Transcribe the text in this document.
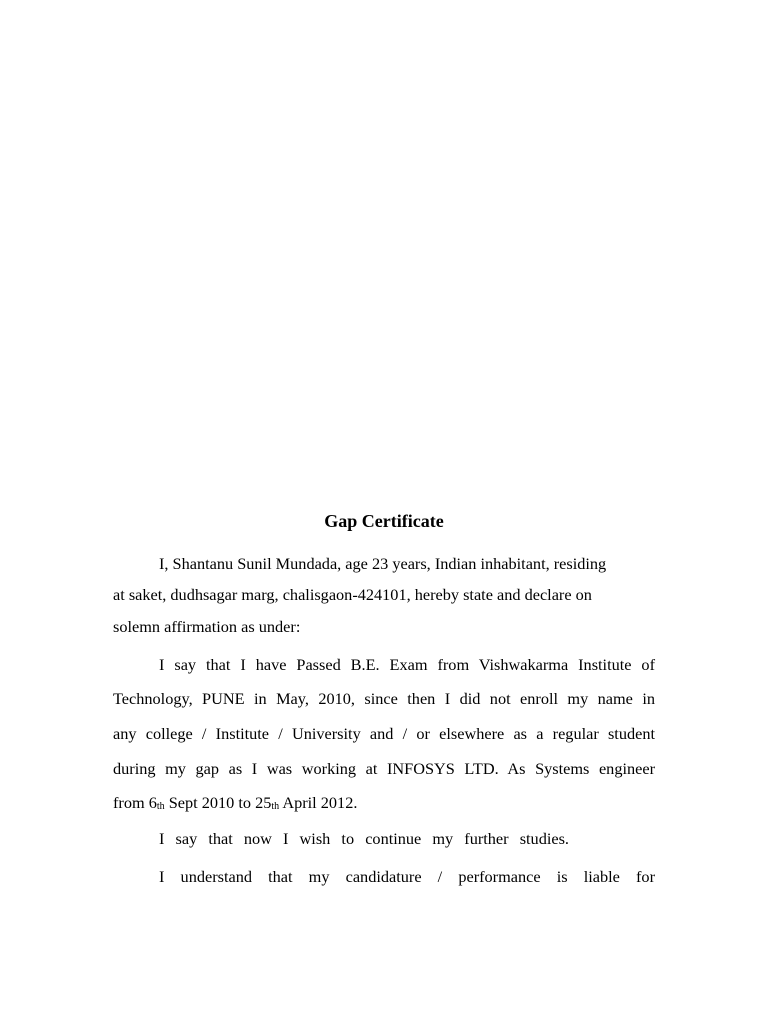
Gap Certificate

I, Shantanu Sunil Mundada, age 23 years, Indian inhabitant, residing

at saket, dudhsagar marg, chalisgaon-424101, hereby state and declare on

solemn affirmation as under:

I say that I have Passed B.E. Exam from Vishwakarma Institute of

Technology, PUNE in May, 2010, since then I did not enroll my name in

any college / Institute / University and / or elsewhere as a regular student

during my gap as I was working at INFOSYS LTD. As Systems engineer

from 6th Sept 2010 to 25th April 2012.

I say that now I wish to continue my further studies.

I understand that my candidature / performance is liable for
